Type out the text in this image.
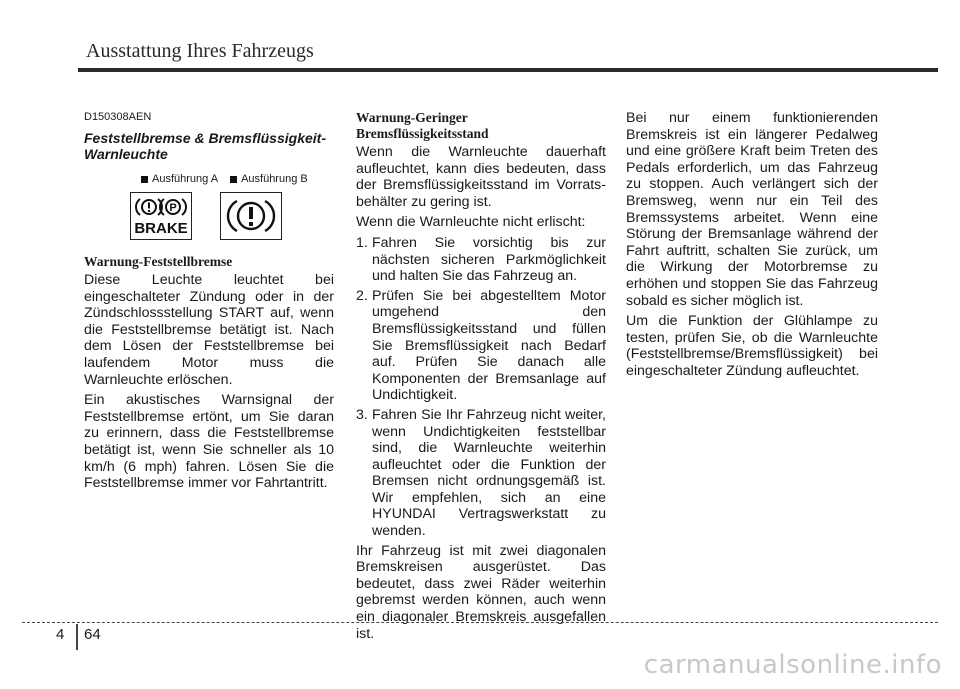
Ausstattung Ihres Fahrzeugs
D150308AEN
Feststellbremse & Bremsflüssigkeit-Warnleuchte
Ausführung A Ausführung B
P
BRAKE
Warnung-Feststellbremse

Diese Leuchte leuchtet bei eingeschalteter Zündung oder in der Zündschlossstellung START auf, wenn die Feststellbremse betätigt ist. Nach dem Lösen der Feststellbremse bei laufendem Motor muss die Warnleuchte erlöschen.

Ein akustisches Warnsignal der Feststellbremse ertönt, um Sie daran zu erinnern, dass die Feststellbremse betätigt ist, wenn Sie schneller als 10 km/h (6 mph) fahren. Lösen Sie die Feststellbremse immer vor Fahrtantritt.

Warnung-Geringer
Bremsflüssigkeitsstand

Wenn die Warnleuchte dauerhaft aufleuchtet, kann dies bedeuten, dass der Bremsflüssigkeitsstand im Vorrats-behälter zu gering ist.

Wenn die Warnleuchte nicht erlischt:

1. Fahren Sie vorsichtig bis zur nächsten sicheren Parkmöglichkeit und halten Sie das Fahrzeug an.
2. Prüfen Sie bei abgestelltem Motor umgehend den Bremsflüssigkeitsstand und füllen Sie Bremsflüssigkeit nach Bedarf auf. Prüfen Sie danach alle Komponenten der Bremsanlage auf Undichtigkeit.
3. Fahren Sie Ihr Fahrzeug nicht weiter, wenn Undichtigkeiten feststellbar sind, die Warnleuchte weiterhin aufleuchtet oder die Funktion der Bremsen nicht ordnungsgemäß ist. Wir empfehlen, sich an eine HYUNDAI Vertragswerkstatt zu wenden.

Ihr Fahrzeug ist mit zwei diagonalen Bremskreisen ausgerüstet. Das bedeutet, dass zwei Räder weiterhin gebremst werden können, auch wenn ein diagonaler Bremskreis ausgefallen ist.

Bei nur einem funktionierenden Bremskreis ist ein längerer Pedalweg und eine größere Kraft beim Treten des Pedals erforderlich, um das Fahrzeug zu stoppen. Auch verlängert sich der Bremsweg, wenn nur ein Teil des Bremssystems arbeitet. Wenn eine Störung der Bremsanlage während der Fahrt auftritt, schalten Sie zurück, um die Wirkung der Motorbremse zu erhöhen und stoppen Sie das Fahrzeug sobald es sicher möglich ist.

Um die Funktion der Glühlampe zu testen, prüfen Sie, ob die Warnleuchte (Feststellbremse/Bremsflüssigkeit) bei eingeschalteter Zündung aufleuchtet.

4 64
carmanualsonline.info
